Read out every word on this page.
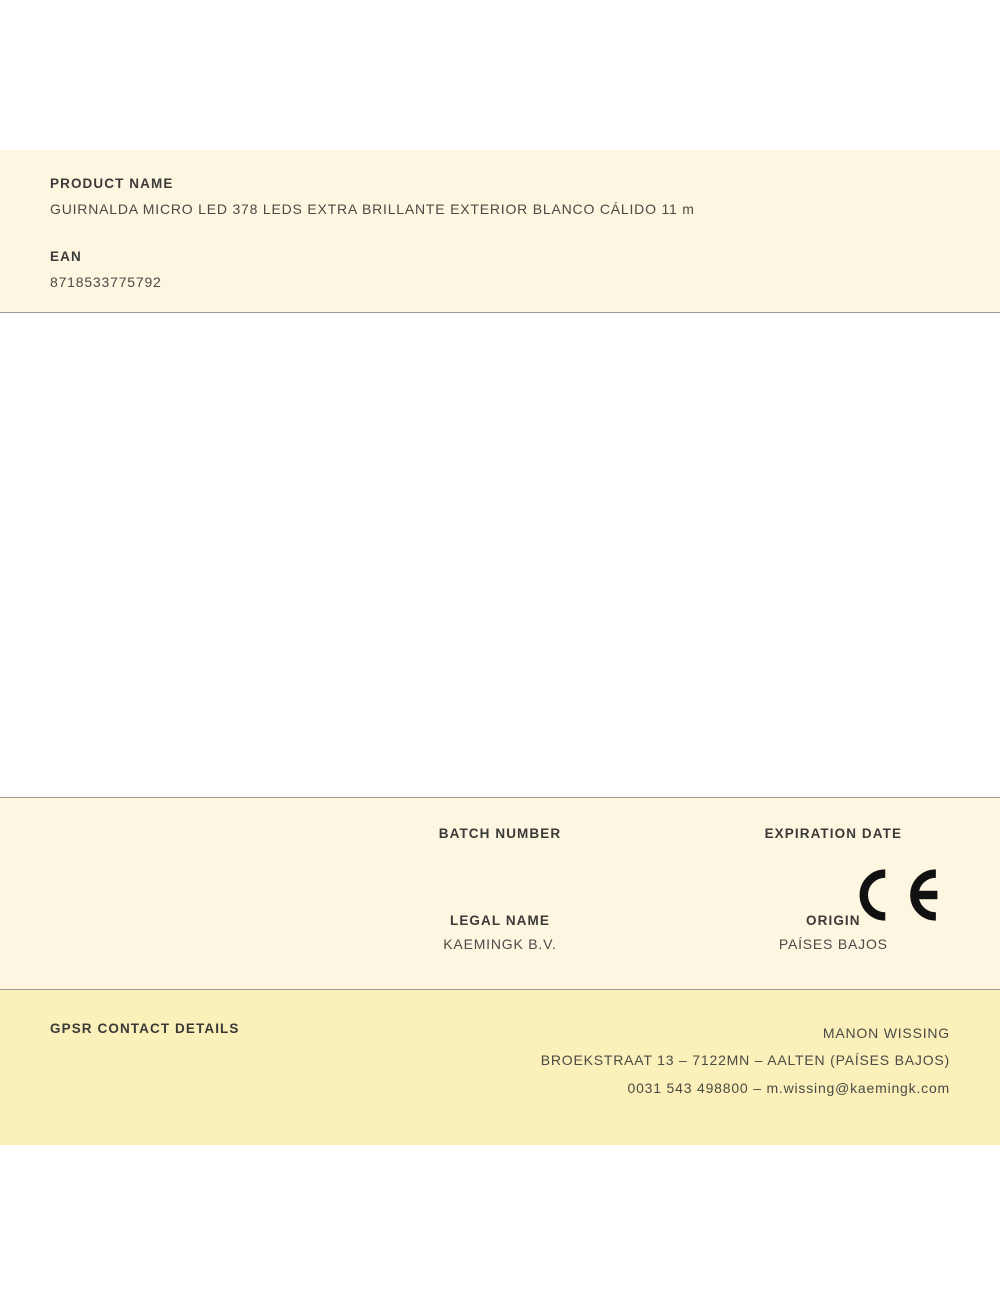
PRODUCT NAME

GUIRNALDA MICRO LED 378 LEDS EXTRA BRILLANTE EXTERIOR BLANCO CÁLIDO 11 m

EAN

8718533775792

BATCH NUMBER	EXPIRATION DATE

LEGAL NAME

KAEMINGK B.V.

ORIGIN

PAÍSES BAJOS

GPSR CONTACT DETAILS	MANON WISSING
BROEKSTRAAT 13 – 7122MN – AALTEN (PAÍSES BAJOS)
0031 543 498800 – m.wissing@kaemingk.com
